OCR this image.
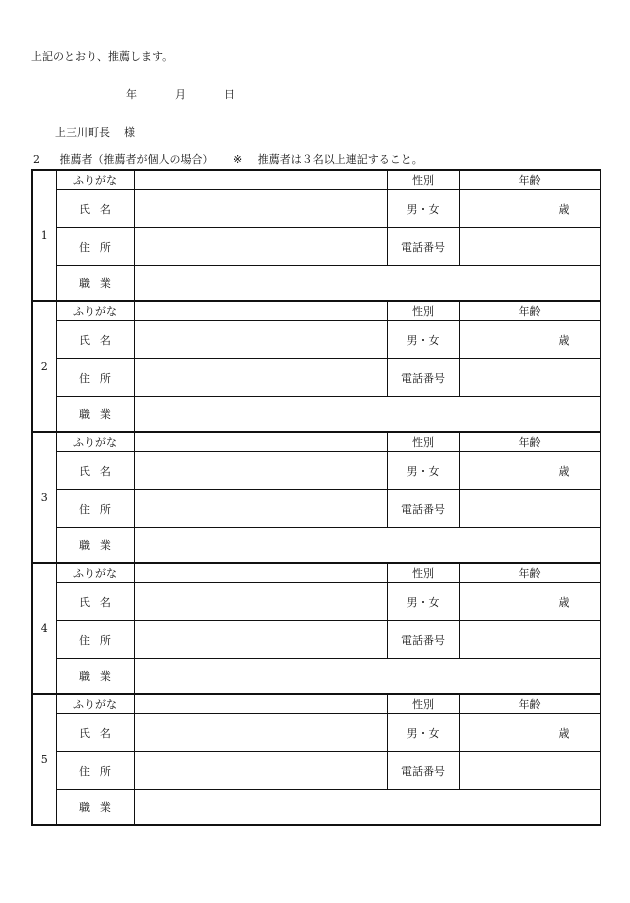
上記のとおり、推薦します。
年	月	日
上三川町長 様
2 推薦者（推薦者が個人の場合） ※ 推薦者は３名以上連記すること。
1	ふりがな		性別	年齢
	氏名		男・女	歳
	住所		電話番号	
	職業			
2	ふりがな		性別	年齢
	氏名		男・女	歳
	住所		電話番号	
	職業			
3	ふりがな		性別	年齢
	氏名		男・女	歳
	住所		電話番号	
	職業			
4	ふりがな		性別	年齢
	氏名		男・女	歳
	住所		電話番号	
	職業			
5	ふりがな		性別	年齢
	氏名		男・女	歳
	住所		電話番号	
	職業			
